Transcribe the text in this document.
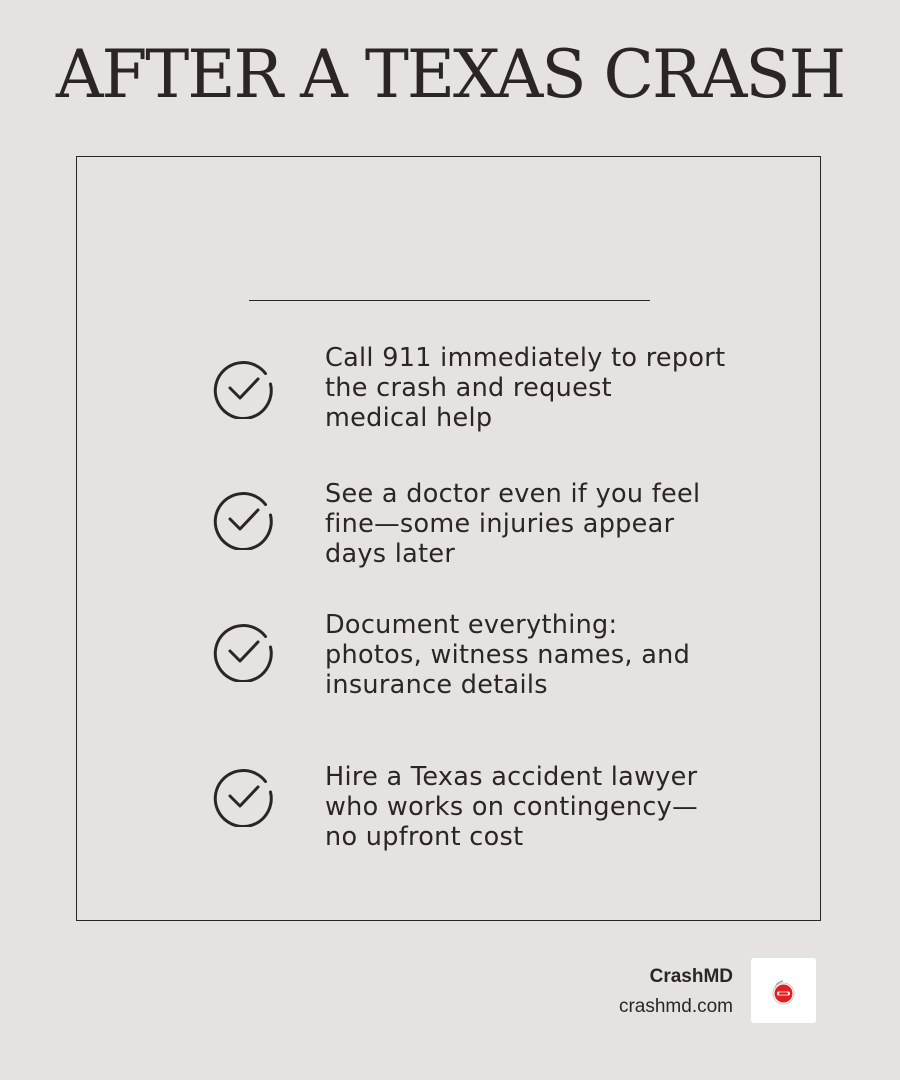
AFTER A TEXAS CRASH

Call 911 immediately to report
the crash and request
medical help

See a doctor even if you feel
fine—some injuries appear
days later

Document everything:
photos, witness names, and
insurance details

Hire a Texas accident lawyer
who works on contingency—
no upfront cost

CrashMD
crashmd.com
